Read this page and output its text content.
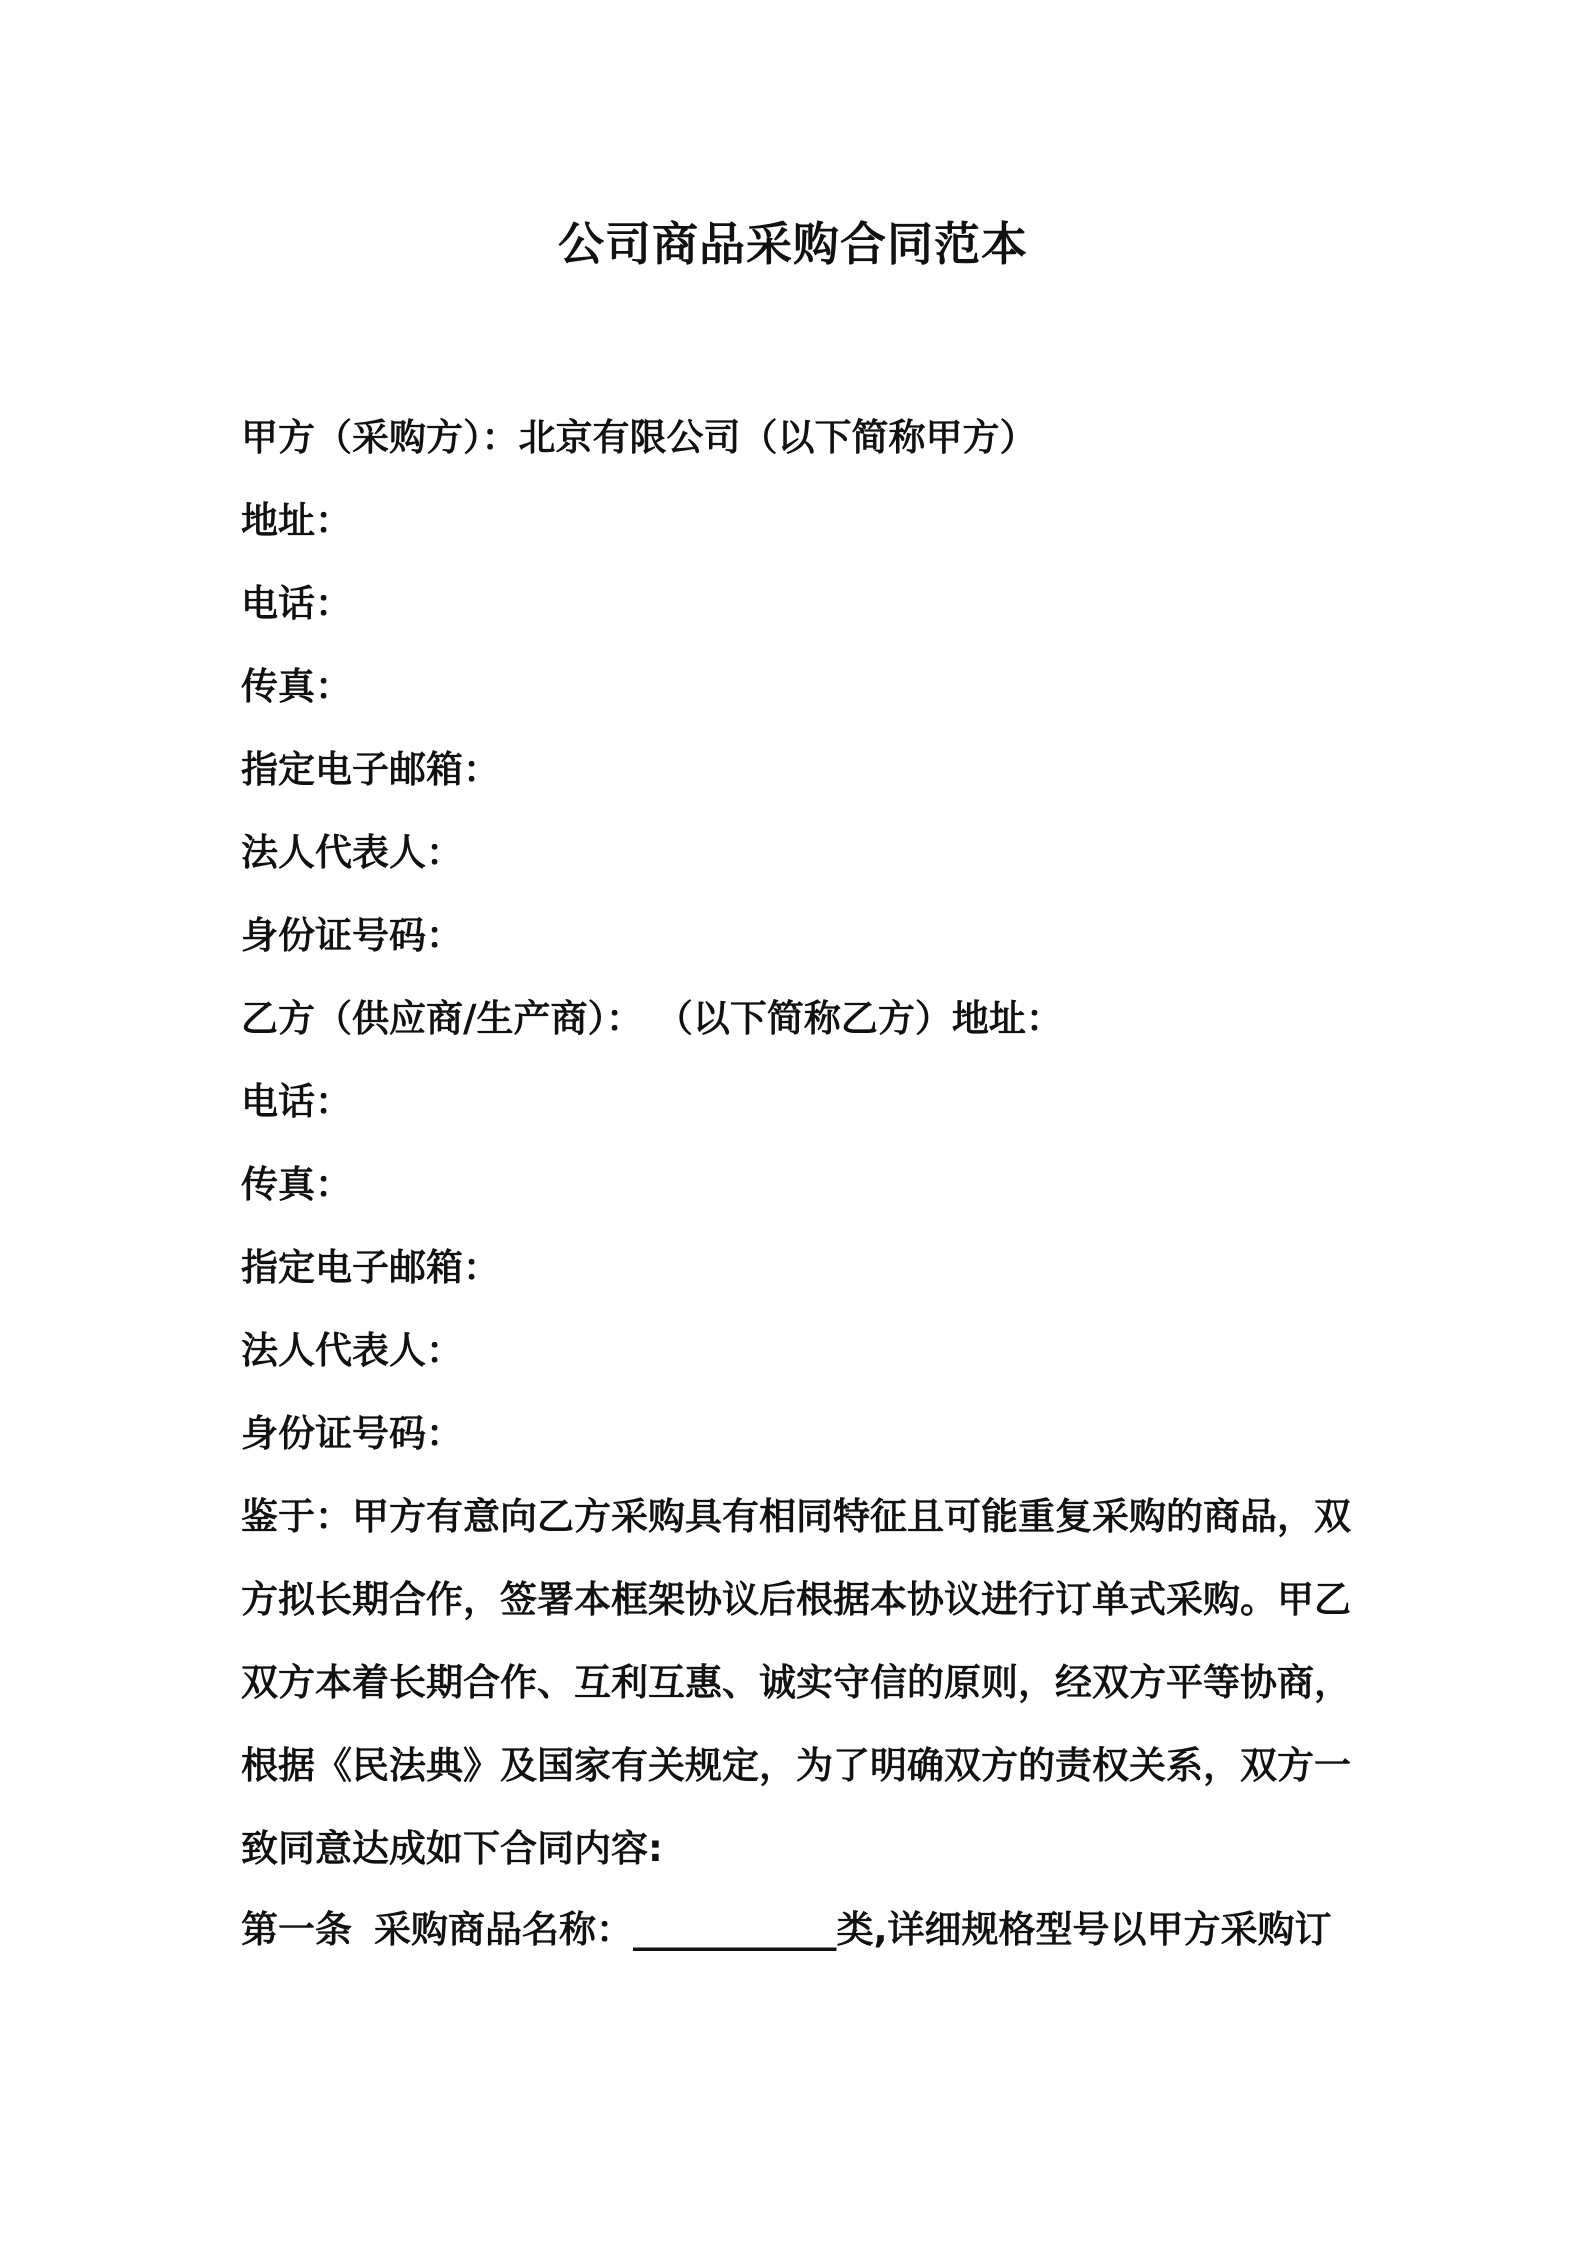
公司商品采购合同范本
甲方（采购方）：北京有限公司（以下简称甲方）
地址：
电话：
传真：
指定电子邮箱：
法人代表人：
身份证号码：
乙方（供应商/生产商）： （以下简称乙方）地址：
电话：
传真：
指定电子邮箱：
法人代表人：
身份证号码：
鉴于：甲方有意向乙方采购具有相同特征且可能重复采购的商品，双
方拟长期合作，签署本框架协议后根据本协议进行订单式采购。甲乙
双方本着长期合作、互利互惠、诚实守信的原则，经双方平等协商，
根据《民法典》及国家有关规定，为了明确双方的责权关系，双方一
致同意达成如下合同内容:
第一条 采购商品名称：___________类,详细规格型号以甲方采购订
